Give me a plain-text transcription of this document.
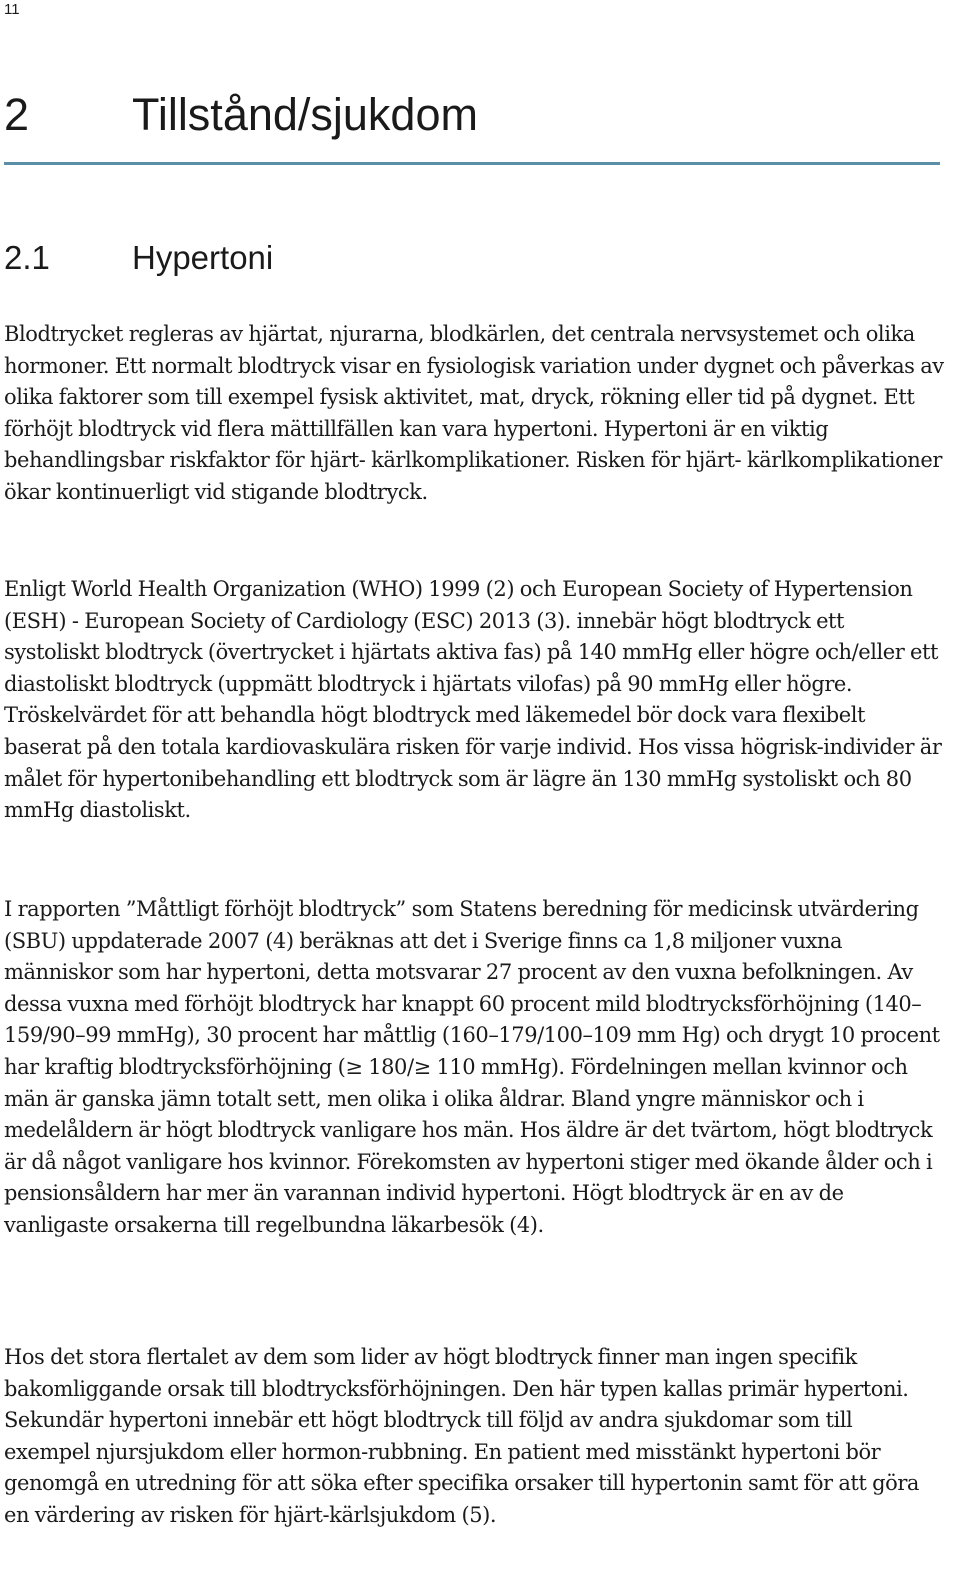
11
2 Tillstånd/sjukdom
2.1 Hypertoni

Blodtrycket regleras av hjärtat, njurarna, blodkärlen, det centrala nervsystemet och olika hormoner. Ett normalt blodtryck visar en fysiologisk variation under dygnet och påverkas av olika faktorer som till exempel fysisk aktivitet, mat, dryck, rökning eller tid på dygnet. Ett förhöjt blodtryck vid flera mättillfällen kan vara hypertoni. Hypertoni är en viktig behandlingsbar riskfaktor för hjärt- kärlkomplikationer. Risken för hjärt- kärlkomplikationer ökar kontinuerligt vid stigande blodtryck.

Enligt World Health Organization (WHO) 1999 (2) och European Society of Hypertension (ESH) - European Society of Cardiology (ESC) 2013 (3). innebär högt blodtryck ett systoliskt blodtryck (övertrycket i hjärtats aktiva fas) på 140 mmHg eller högre och/eller ett diastoliskt blodtryck (uppmätt blodtryck i hjärtats vilofas) på 90 mmHg eller högre. Tröskelvärdet för att behandla högt blodtryck med läkemedel bör dock vara flexibelt baserat på den totala kardiovaskulära risken för varje individ. Hos vissa högrisk-individer är målet för hypertonibehandling ett blodtryck som är lägre än 130 mmHg systoliskt och 80 mmHg diastoliskt.

I rapporten ”Måttligt förhöjt blodtryck” som Statens beredning för medicinsk utvärdering (SBU) uppdaterade 2007 (4) beräknas att det i Sverige finns ca 1,8 miljoner vuxna människor som har hypertoni, detta motsvarar 27 procent av den vuxna befolkningen. Av dessa vuxna med förhöjt blodtryck har knappt 60 procent mild blodtrycksförhöjning (140–159/90–99 mmHg), 30 procent har måttlig (160–179/100–109 mm Hg) och drygt 10 procent har kraftig blodtrycksförhöjning (≥ 180/≥ 110 mmHg). Fördelningen mellan kvinnor och män är ganska jämn totalt sett, men olika i olika åldrar. Bland yngre människor och i medelåldern är högt blodtryck vanligare hos män. Hos äldre är det tvärtom, högt blodtryck är då något vanligare hos kvinnor. Förekomsten av hypertoni stiger med ökande ålder och i pensionsåldern har mer än varannan individ hypertoni. Högt blodtryck är en av de vanligaste orsakerna till regelbundna läkarbesök (4).

Hos det stora flertalet av dem som lider av högt blodtryck finner man ingen specifik bakomliggande orsak till blodtrycksförhöjningen. Den här typen kallas primär hypertoni. Sekundär hypertoni innebär ett högt blodtryck till följd av andra sjukdomar som till exempel njursjukdom eller hormon-rubbning. En patient med misstänkt hypertoni bör genomgå en utredning för att söka efter specifika orsaker till hypertonin samt för att göra en värdering av risken för hjärt-kärlsjukdom (5).
